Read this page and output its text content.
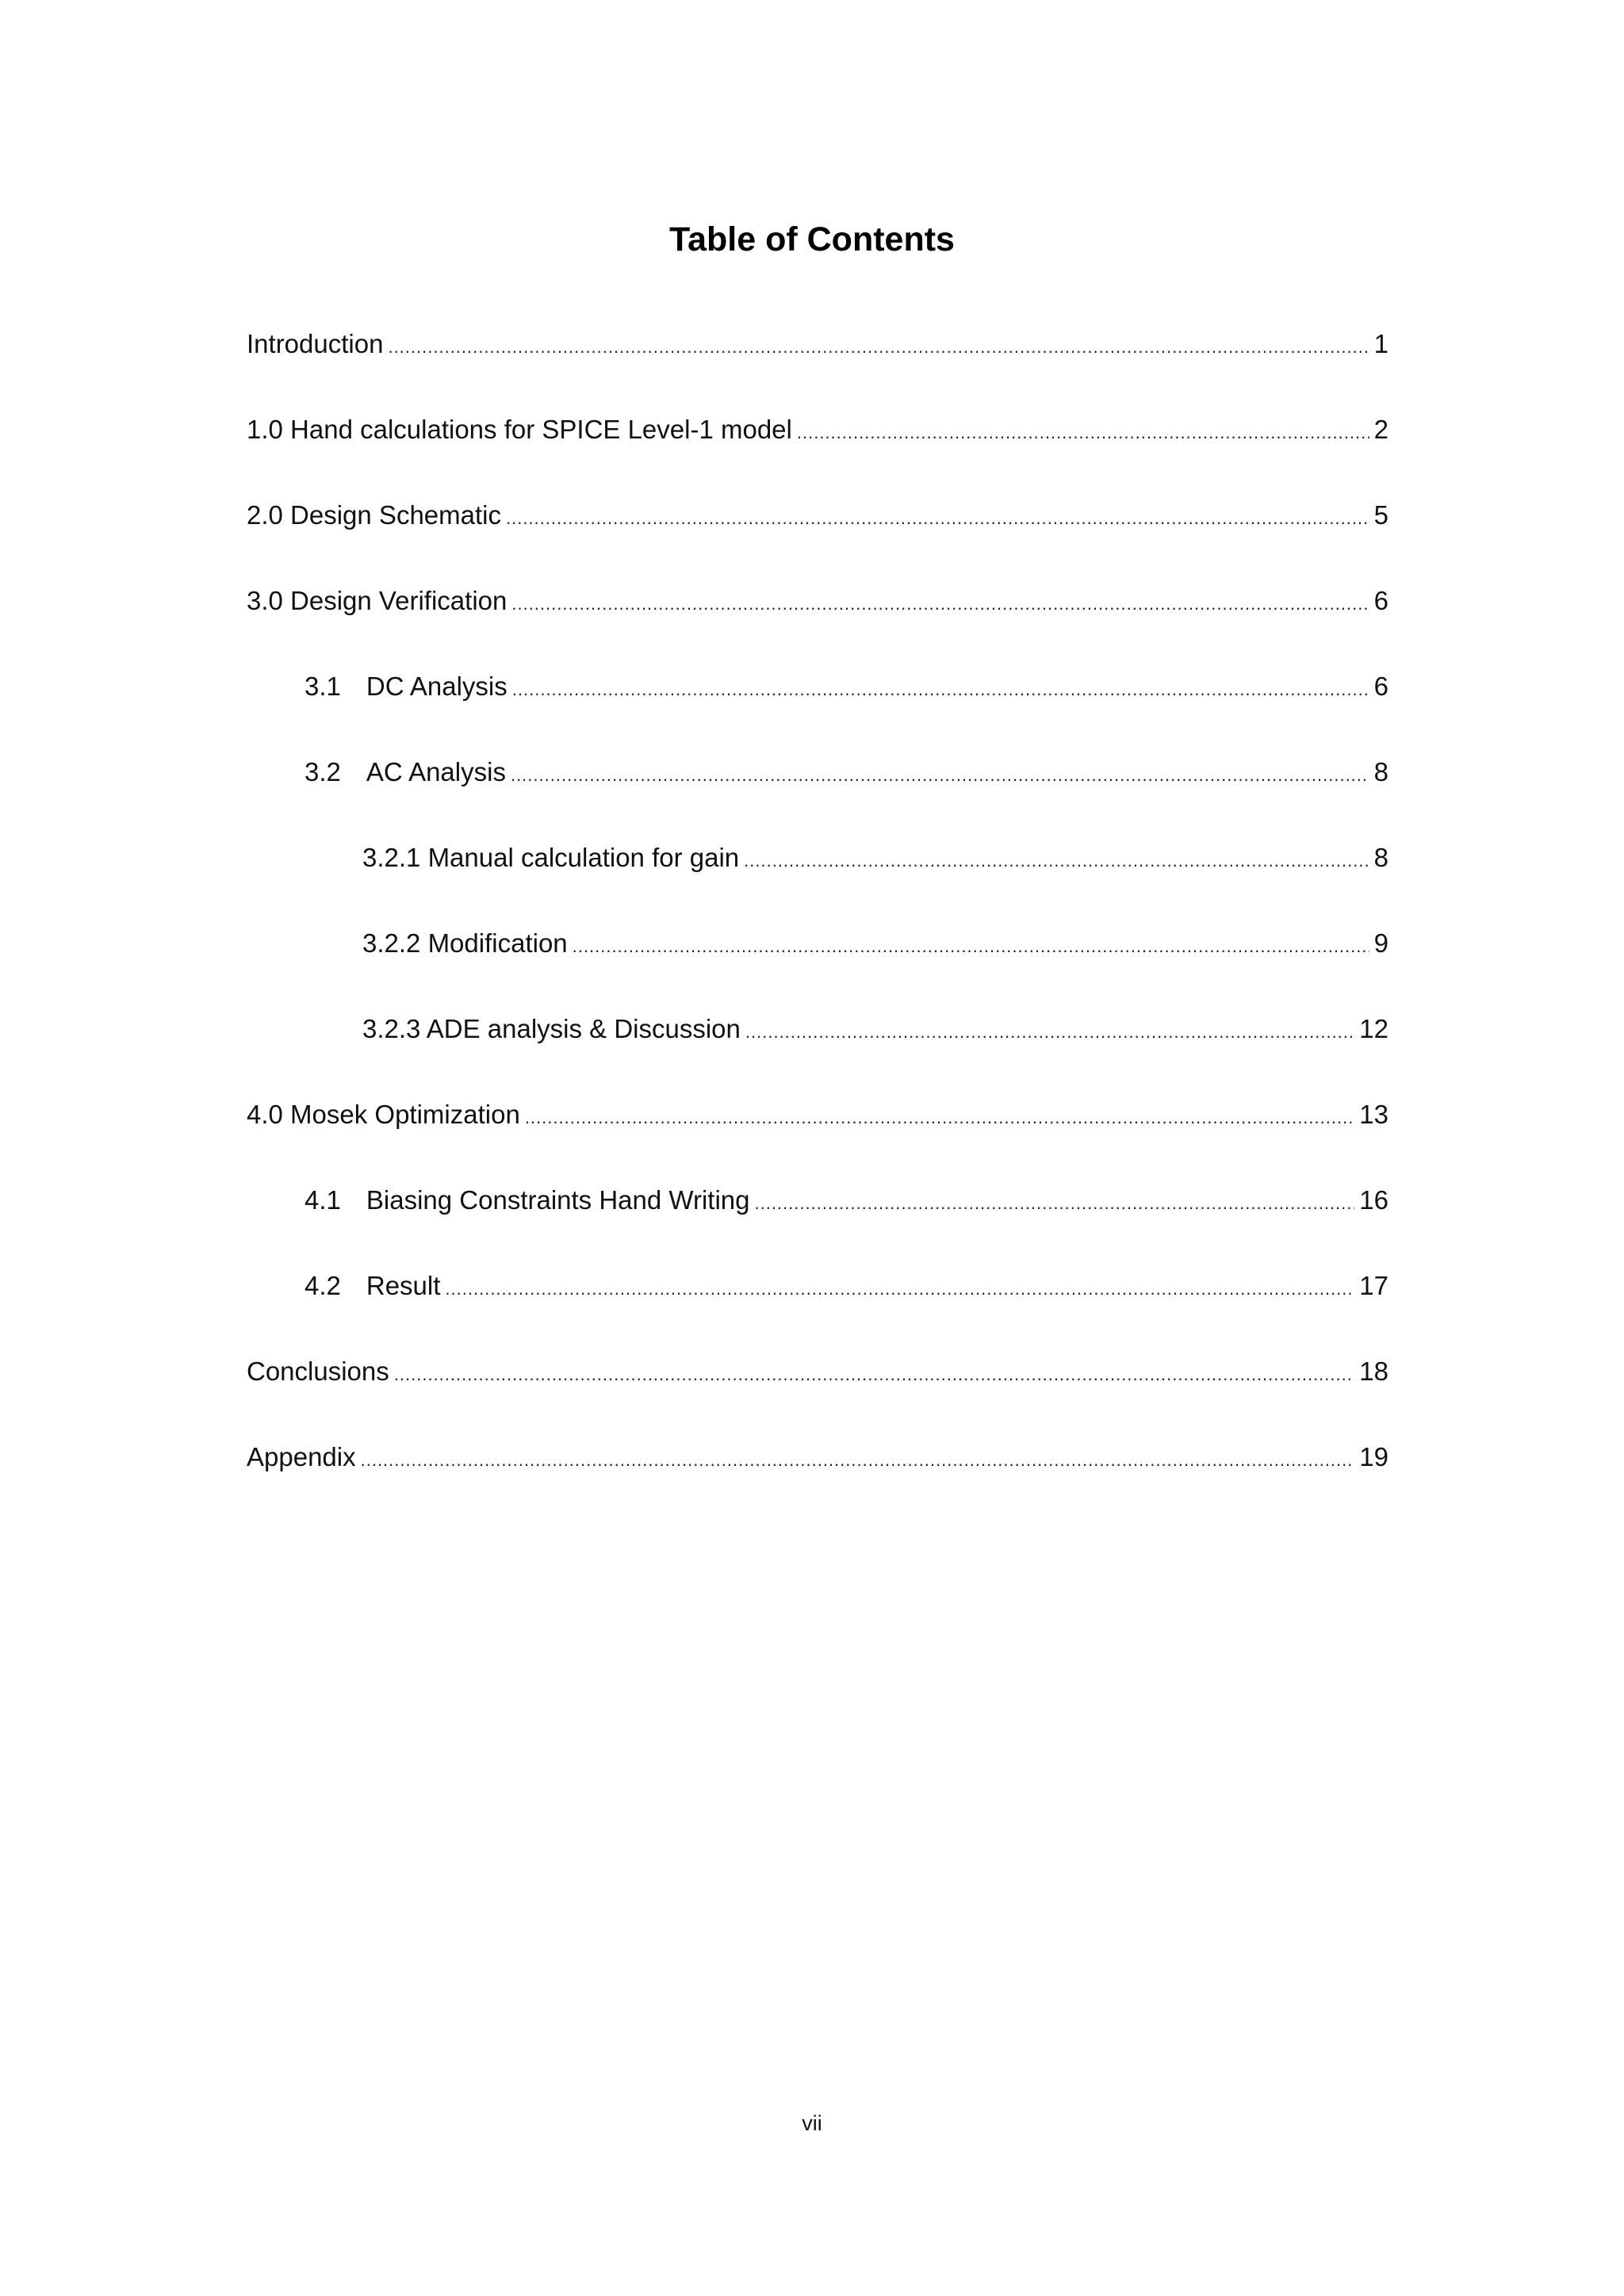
Table of Contents
Introduction .....	1
1.0 Hand calculations for SPICE Level-1 model .....	2
2.0 Design Schematic .....	5
3.0 Design Verification .....	6
3.1 DC Analysis .....	6
3.2 AC Analysis .....	8
3.2.1 Manual calculation for gain .....	8
3.2.2 Modification .....	9
3.2.3 ADE analysis & Discussion .....	12
4.0 Mosek Optimization .....	13
4.1 Biasing Constraints Hand Writing .....	16
4.2 Result .....	17
Conclusions .....	18
Appendix .....	19
vii
